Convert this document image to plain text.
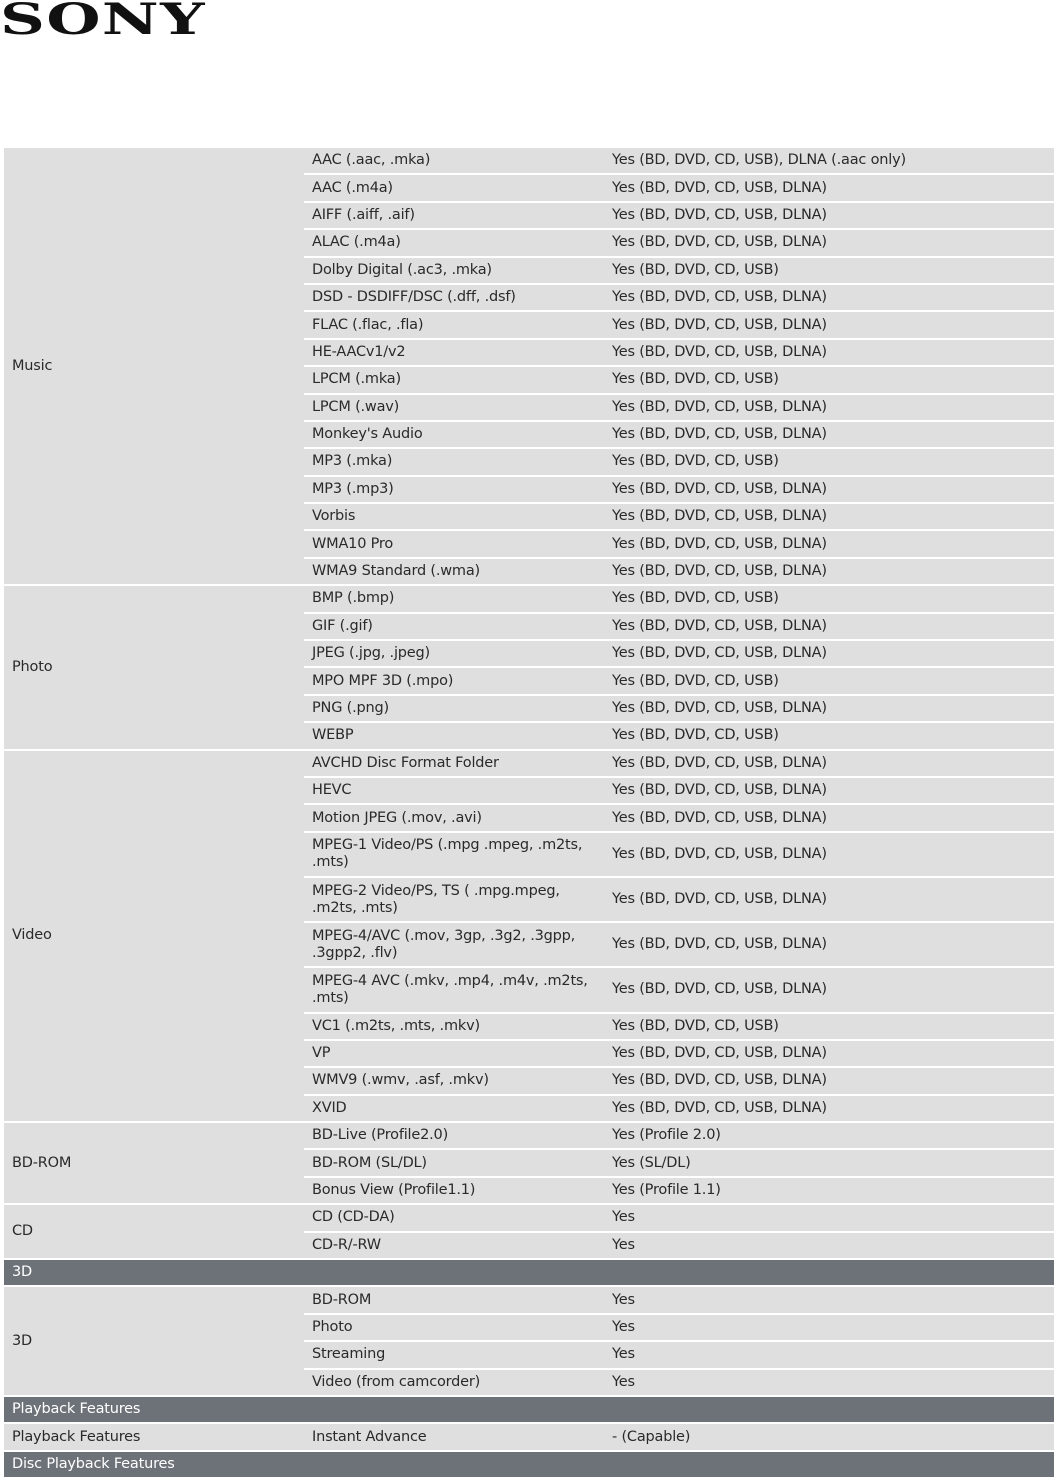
SONY
Music	AAC (.aac, .mka)	Yes (BD, DVD, CD, USB), DLNA (.aac only)
	AAC (.m4a)	Yes (BD, DVD, CD, USB, DLNA)
	AIFF (.aiff, .aif)	Yes (BD, DVD, CD, USB, DLNA)
	ALAC (.m4a)	Yes (BD, DVD, CD, USB, DLNA)
	Dolby Digital (.ac3, .mka)	Yes (BD, DVD, CD, USB)
	DSD - DSDIFF/DSC (.dff, .dsf)	Yes (BD, DVD, CD, USB, DLNA)
	FLAC (.flac, .fla)	Yes (BD, DVD, CD, USB, DLNA)
	HE-AACv1/v2	Yes (BD, DVD, CD, USB, DLNA)
	LPCM (.mka)	Yes (BD, DVD, CD, USB)
	LPCM (.wav)	Yes (BD, DVD, CD, USB, DLNA)
	Monkey's Audio	Yes (BD, DVD, CD, USB, DLNA)
	MP3 (.mka)	Yes (BD, DVD, CD, USB)
	MP3 (.mp3)	Yes (BD, DVD, CD, USB, DLNA)
	Vorbis	Yes (BD, DVD, CD, USB, DLNA)
	WMA10 Pro	Yes (BD, DVD, CD, USB, DLNA)
	WMA9 Standard (.wma)	Yes (BD, DVD, CD, USB, DLNA)
Photo	BMP (.bmp)	Yes (BD, DVD, CD, USB)
	GIF (.gif)	Yes (BD, DVD, CD, USB, DLNA)
	JPEG (.jpg, .jpeg)	Yes (BD, DVD, CD, USB, DLNA)
	MPO MPF 3D (.mpo)	Yes (BD, DVD, CD, USB)
	PNG (.png)	Yes (BD, DVD, CD, USB, DLNA)
	WEBP	Yes (BD, DVD, CD, USB)
Video	AVCHD Disc Format Folder	Yes (BD, DVD, CD, USB, DLNA)
	HEVC	Yes (BD, DVD, CD, USB, DLNA)
	Motion JPEG (.mov, .avi)	Yes (BD, DVD, CD, USB, DLNA)
	MPEG-1 Video/PS (.mpg .mpeg, .m2ts, .mts)	Yes (BD, DVD, CD, USB, DLNA)
	MPEG-2 Video/PS, TS ( .mpg.mpeg, .m2ts, .mts)	Yes (BD, DVD, CD, USB, DLNA)
	MPEG-4/AVC (.mov, 3gp, .3g2, .3gpp, .3gpp2, .flv)	Yes (BD, DVD, CD, USB, DLNA)
	MPEG-4 AVC (.mkv, .mp4, .m4v, .m2ts, .mts)	Yes (BD, DVD, CD, USB, DLNA)
	VC1 (.m2ts, .mts, .mkv)	Yes (BD, DVD, CD, USB)
	VP	Yes (BD, DVD, CD, USB, DLNA)
	WMV9 (.wmv, .asf, .mkv)	Yes (BD, DVD, CD, USB, DLNA)
	XVID	Yes (BD, DVD, CD, USB, DLNA)
BD-ROM	BD-Live (Profile2.0)	Yes (Profile 2.0)
	BD-ROM (SL/DL)	Yes (SL/DL)
	Bonus View (Profile1.1)	Yes (Profile 1.1)
CD	CD (CD-DA)	Yes
	CD-R/-RW	Yes
3D		
3D	BD-ROM	Yes
	Photo	Yes
	Streaming	Yes
	Video (from camcorder)	Yes
Playback Features		
Playback Features	Instant Advance	- (Capable)
Disc Playback Features		
